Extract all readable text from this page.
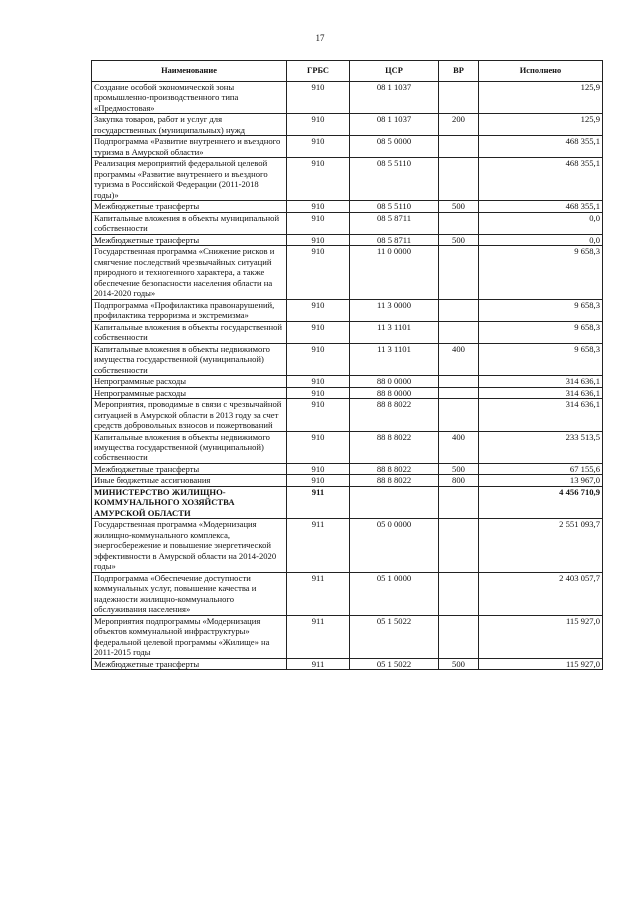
17
Наименование	ГРБС	ЦСР	ВР	Исполнено
Создание особой экономической зоны промышленно-производственного типа «Предмостовая»	910	08 1 1037		125,9
Закупка товаров, работ и услуг для государственных (муниципальных) нужд	910	08 1 1037	200	125,9
Подпрограмма «Развитие внутреннего и въездного туризма в Амурской области»	910	08 5 0000		468 355,1
Реализация мероприятий федеральной целевой программы «Развитие внутреннего и въездного туризма в Российской Федерации (2011-2018 годы)»	910	08 5 5110		468 355,1
Межбюджетные трансферты	910	08 5 5110	500	468 355,1
Капитальные вложения в объекты муниципальной собственности	910	08 5 8711		0,0
Межбюджетные трансферты	910	08 5 8711	500	0,0
Государственная программа «Снижение рисков и смягчение последствий чрезвычайных ситуаций природного и техногенного характера, а также обеспечение безопасности населения области на 2014-2020 годы»	910	11 0 0000		9 658,3
Подпрограмма «Профилактика правонарушений, профилактика терроризма и экстремизма»	910	11 3 0000		9 658,3
Капитальные вложения в объекты государственной собственности	910	11 3 1101		9 658,3
Капитальные вложения в объекты недвижимого имущества государственной (муниципальной) собственности	910	11 3 1101	400	9 658,3
Непрограммные расходы	910	88 0 0000		314 636,1
Непрограммные расходы	910	88 8 0000		314 636,1
Мероприятия, проводимые в связи с чрезвычайной ситуацией в Амурской области в 2013 году за счет средств добровольных взносов и пожертвований	910	88 8 8022		314 636,1
Капитальные вложения в объекты недвижимого имущества государственной (муниципальной) собственности	910	88 8 8022	400	233 513,5
Межбюджетные трансферты	910	88 8 8022	500	67 155,6
Иные бюджетные ассигнования	910	88 8 8022	800	13 967,0
МИНИСТЕРСТВО ЖИЛИЩНО-КОММУНАЛЬНОГО ХОЗЯЙСТВА АМУРСКОЙ ОБЛАСТИ	911			4 456 710,9
Государственная программа «Модернизация жилищно-коммунального комплекса, энергосбережение и повышение энергетической эффективности в Амурской области на 2014-2020 годы»	911	05 0 0000		2 551 093,7
Подпрограмма «Обеспечение доступности коммунальных услуг, повышение качества и надежности жилищно-коммунального обслуживания населения»	911	05 1 0000		2 403 057,7
Мероприятия подпрограммы «Модернизация объектов коммунальной инфраструктуры» федеральной целевой программы «Жилище» на 2011-2015 годы	911	05 1 5022		115 927,0
Межбюджетные трансферты	911	05 1 5022	500	115 927,0
